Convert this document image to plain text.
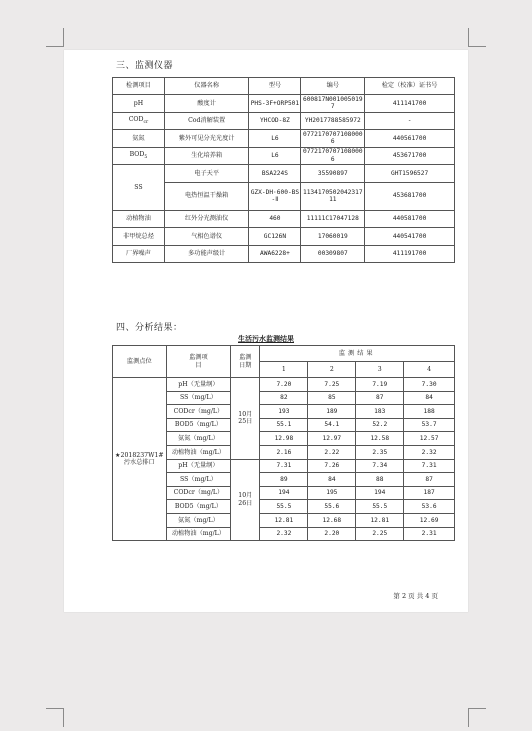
三、监测仪器
检测项目	仪器名称	型号	编号	检定（校准）证书号
pH	酸度计	PHS-3F+ORP501	600817N0010050197	411141700
$COD_{cr}$	Cod消解装置	YHCOD-8Z	YH2017788585972	-
氨氮	紫外可见分光光度计	L6	07721707071080006	440561700
$BOD_5$	生化培养箱	L6	07721707071080006	453671700
SS	电子天平	BSA224S	35590897	GHT1596527
	电热恒温干燥箱	GZX-DH·600-BS-Ⅱ	113417050204231711	453681700
动植物油	红外分光测油仪	460	11111C17047128	440581700
非甲烷总烃	气相色谱仪	GC126N	17060019	440541700
厂界噪声	多功能声级计	AWA6228+	00309807	411191700
四、分析结果：
生活污水监测结果
监测点位	监测项目	监测日期	监测结果			
			1	2	3	4
★2018237W1#污水总排口	pH（无量纲）	10月25日	7.20	7.25	7.19	7.30
	SS（mg/L）		82	85	87	84
	CODcr（mg/L）		193	189	183	188
	BOD5（mg/L）		55.1	54.1	52.2	53.7
	氨氮（mg/L）		12.98	12.97	12.58	12.57
	动植物油（mg/L）		2.16	2.22	2.35	2.32
	pH（无量纲）	10月26日	7.31	7.26	7.34	7.31
	SS（mg/L）		89	84	88	87
	CODcr（mg/L）		194	195	194	187
	BOD5（mg/L）		55.5	55.6	55.5	53.6
	氨氮（mg/L）		12.81	12.68	12.81	12.69
	动植物油（mg/L）		2.32	2.20	2.25	2.31
第 2 页 共 4 页
